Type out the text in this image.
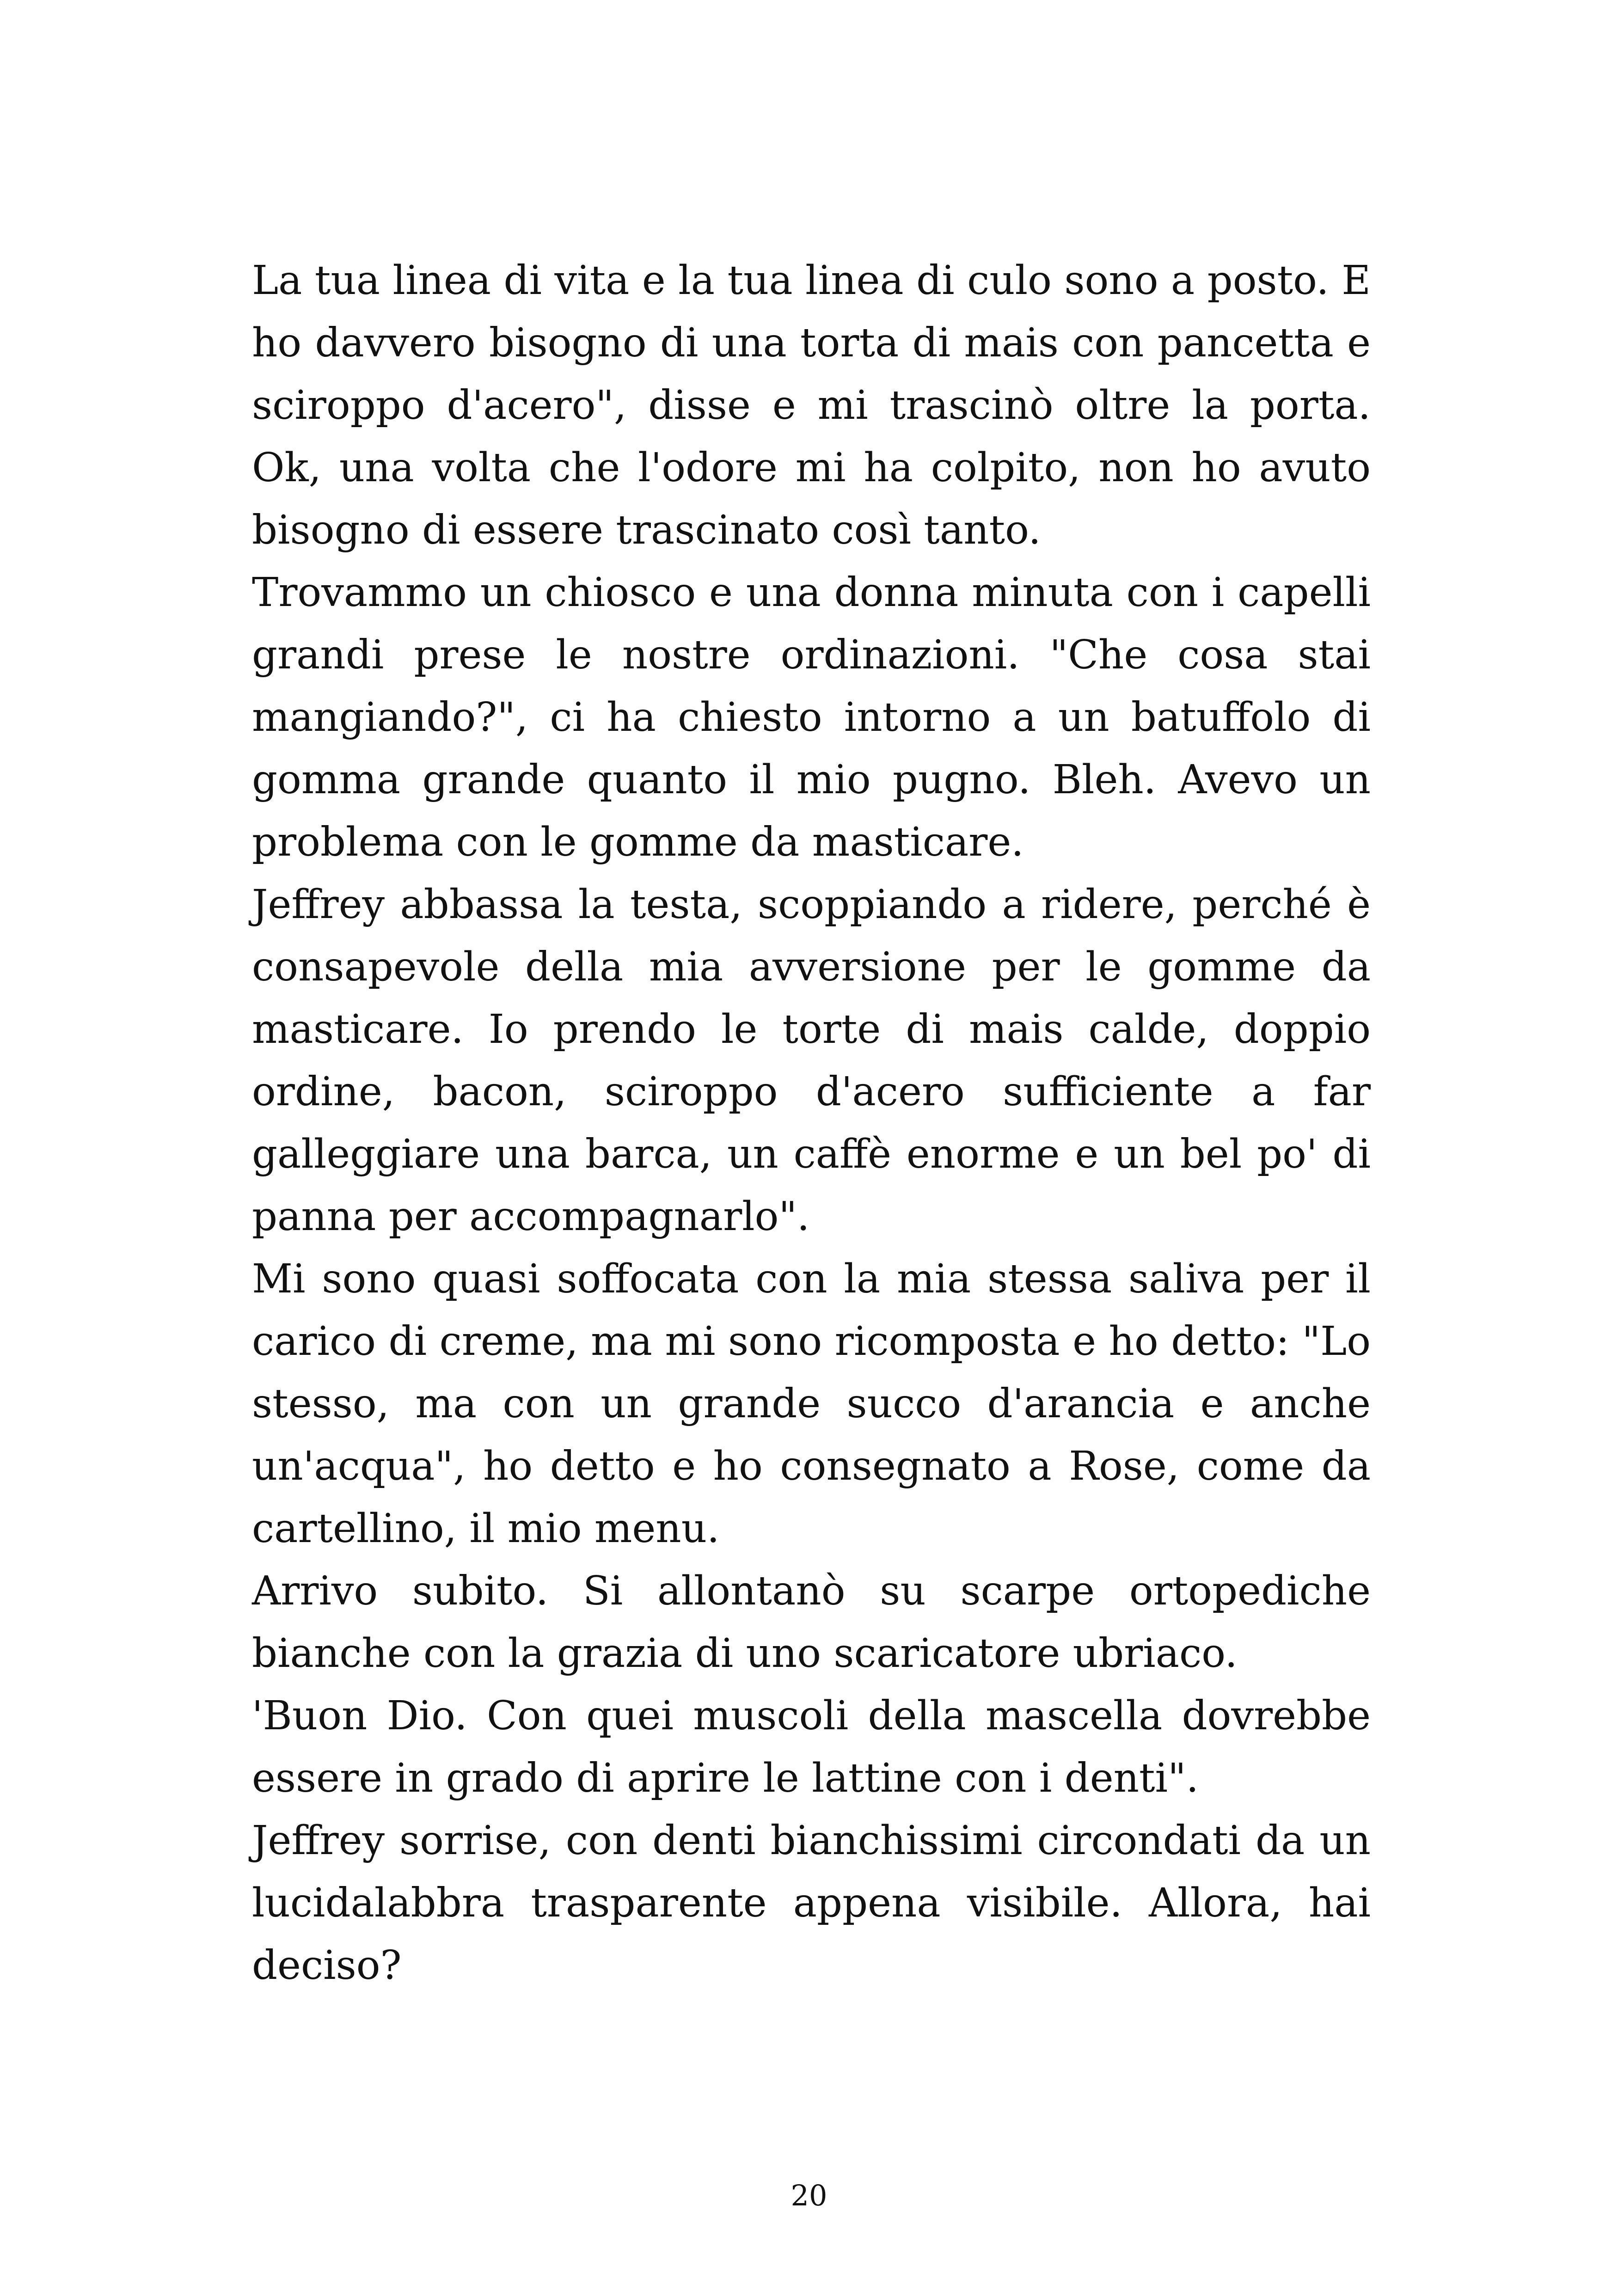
La tua linea di vita e la tua linea di culo sono a posto. E ho davvero bisogno di una torta di mais con pancetta e sciroppo d'acero", disse e mi trascinò oltre la porta. Ok, una volta che l'odore mi ha colpito, non ho avuto bisogno di essere trascinato così tanto.

Trovammo un chiosco e una donna minuta con i capelli grandi prese le nostre ordinazioni. "Che cosa stai mangiando?", ci ha chiesto intorno a un batuffolo di gomma grande quanto il mio pugno. Bleh. Avevo un problema con le gomme da masticare.

Jeffrey abbassa la testa, scoppiando a ridere, perché è consapevole della mia avversione per le gomme da masticare. Io prendo le torte di mais calde, doppio ordine, bacon, sciroppo d'acero sufficiente a far galleggiare una barca, un caffè enorme e un bel po' di panna per accompagnarlo".

Mi sono quasi soffocata con la mia stessa saliva per il carico di creme, ma mi sono ricomposta e ho detto: "Lo stesso, ma con un grande succo d'arancia e anche un'acqua", ho detto e ho consegnato a Rose, come da cartellino, il mio menu.

Arrivo subito. Si allontanò su scarpe ortopediche bianche con la grazia di uno scaricatore ubriaco.

'Buon Dio. Con quei muscoli della mascella dovrebbe essere in grado di aprire le lattine con i denti".

Jeffrey sorrise, con denti bianchissimi circondati da un lucidalabbra trasparente appena visibile. Allora, hai deciso?

20
